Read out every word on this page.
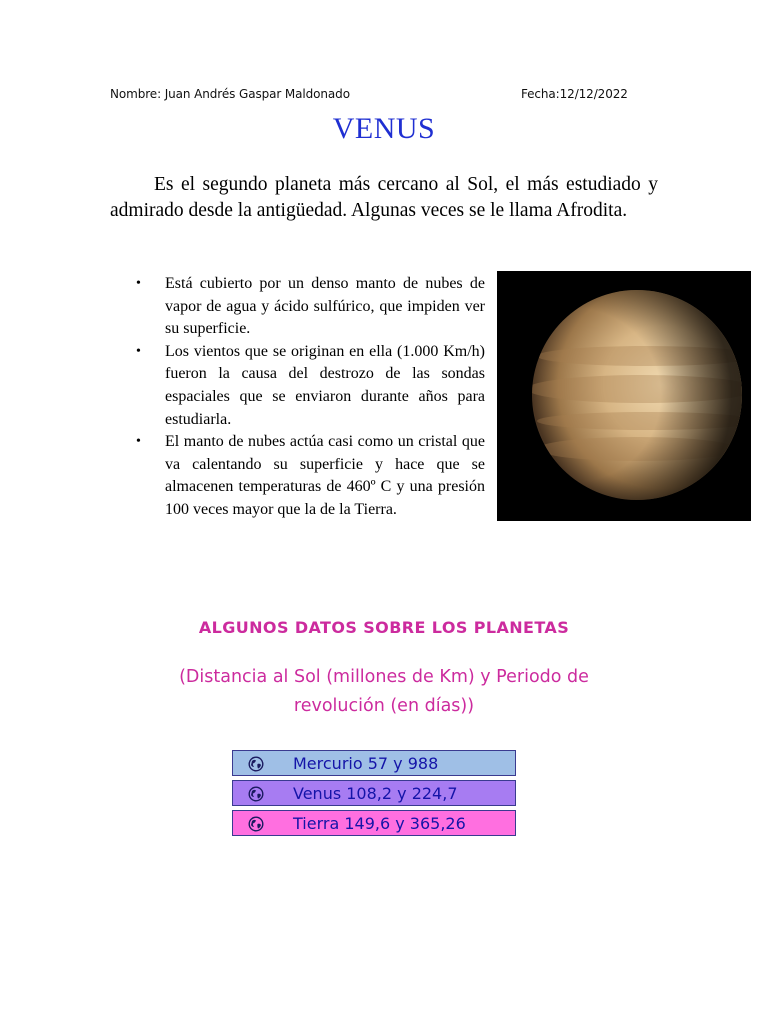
Nombre: Juan Andrés Gaspar Maldonado	Fecha:12/12/2022
VENUS

Es el segundo planeta más cercano al Sol, el más estudiado y admirado desde la antigüedad. Algunas veces se le llama Afrodita.

• Está cubierto por un denso manto de nubes de vapor de agua y ácido sulfúrico, que impiden ver su superficie.
• Los vientos que se originan en ella (1.000 Km/h) fueron la causa del destrozo de las sondas espaciales que se enviaron durante años para estudiarla.
• El manto de nubes actúa casi como un cristal que va calentando su superficie y hace que se almacenen temperaturas de 460º C y una presión 100 veces mayor que la de la Tierra.
ALGUNOS DATOS SOBRE LOS PLANETAS
(Distancia al Sol (millones de Km) y Periodo de revolución (en días))
Mercurio 57 y 988
Venus 108,2 y 224,7
Tierra 149,6 y 365,26
